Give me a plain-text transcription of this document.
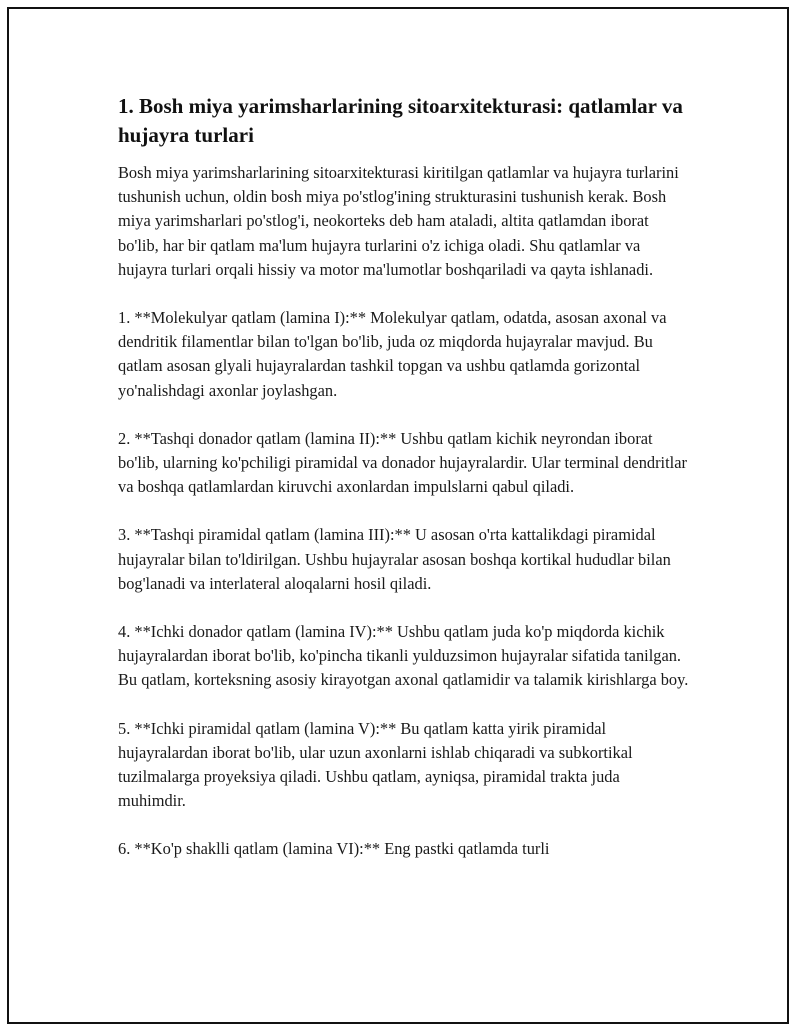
1. Bosh miya yarimsharlarining sitoarxitekturasi: qatlamlar va hujayra turlari

Bosh miya yarimsharlarining sitoarxitekturasi kiritilgan qatlamlar va hujayra turlarini tushunish uchun, oldin bosh miya po'stlog'ining strukturasini tushunish kerak. Bosh miya yarimsharlari po'stlog'i, neokorteks deb ham ataladi, altita qatlamdan iborat bo'lib, har bir qatlam ma'lum hujayra turlarini o'z ichiga oladi. Shu qatlamlar va hujayra turlari orqali hissiy va motor ma'lumotlar boshqariladi va qayta ishlanadi.

1. **Molekulyar qatlam (lamina I):** Molekulyar qatlam, odatda, asosan axonal va dendritik filamentlar bilan to'lgan bo'lib, juda oz miqdorda hujayralar mavjud. Bu qatlam asosan glyali hujayralardan tashkil topgan va ushbu qatlamda gorizontal yo'nalishdagi axonlar joylashgan.

2. **Tashqi donador qatlam (lamina II):** Ushbu qatlam kichik neyrondan iborat bo'lib, ularning ko'pchiligi piramidal va donador hujayralardir. Ular terminal dendritlar va boshqa qatlamlardan kiruvchi axonlardan impulslarni qabul qiladi.

3. **Tashqi piramidal qatlam (lamina III):** U asosan o'rta kattalikdagi piramidal hujayralar bilan to'ldirilgan. Ushbu hujayralar asosan boshqa kortikal hududlar bilan bog'lanadi va interlateral aloqalarni hosil qiladi.

4. **Ichki donador qatlam (lamina IV):** Ushbu qatlam juda ko'p miqdorda kichik hujayralardan iborat bo'lib, ko'pincha tikanli yulduzsimon hujayralar sifatida tanilgan. Bu qatlam, korteksning asosiy kirayotgan axonal qatlamidir va talamik kirishlarga boy.

5. **Ichki piramidal qatlam (lamina V):** Bu qatlam katta yirik piramidal hujayralardan iborat bo'lib, ular uzun axonlarni ishlab chiqaradi va subkortikal tuzilmalarga proyeksiya qiladi. Ushbu qatlam, ayniqsa, piramidal trakta juda muhimdir.

6. **Ko'p shaklli qatlam (lamina VI):** Eng pastki qatlamda turli
